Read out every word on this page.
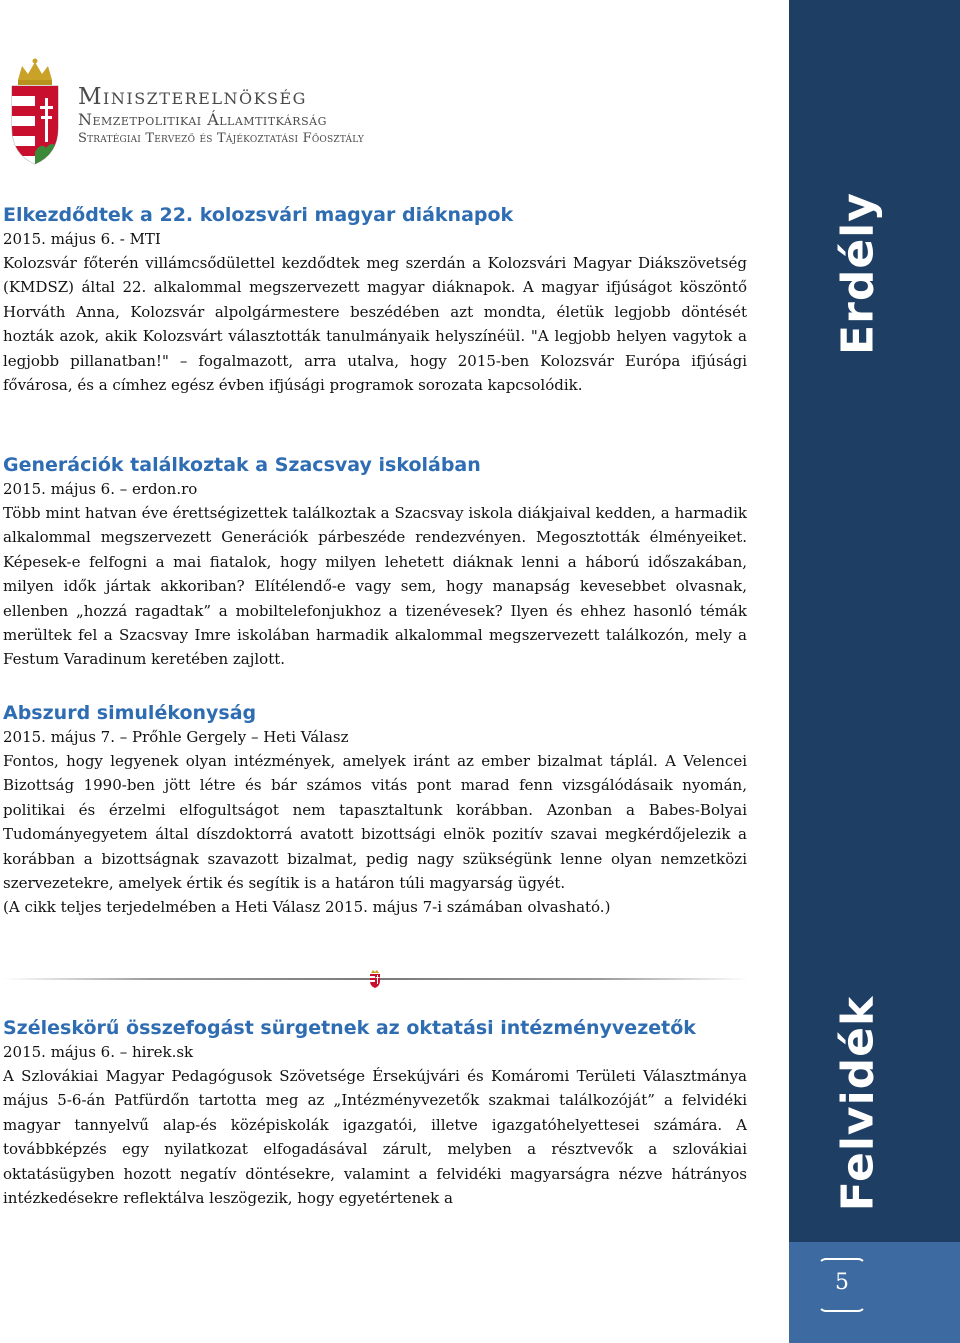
Erdély
Felvidék
5
Miniszterelnökség
Nemzetpolitikai Államtitkárság
Stratégiai Tervező és Tájékoztatási Főosztály
Elkezdődtek a 22. kolozsvári magyar diáknapok
2015. május 6. - MTI

Kolozsvár főterén villámcsődülettel kezdődtek meg szerdán a Kolozsvári Magyar Diákszövetség (KMDSZ) által 22. alkalommal megszervezett magyar diáknapok. A magyar ifjúságot köszöntő Horváth Anna, Kolozsvár alpolgármestere beszédében azt mondta, életük legjobb döntését hozták azok, akik Kolozsvárt választották tanulmányaik helyszínéül. "A legjobb helyen vagytok a legjobb pillanatban!" – fogalmazott, arra utalva, hogy 2015-ben Kolozsvár Európa ifjúsági fővárosa, és a címhez egész évben ifjúsági programok sorozata kapcsolódik.

Generációk találkoztak a Szacsvay iskolában
2015. május 6. – erdon.ro

Több mint hatvan éve érettségizettek találkoztak a Szacsvay iskola diákjaival kedden, a harmadik alkalommal megszervezett Generációk párbeszéde rendezvényen. Megosztották élményeiket. Képesek-e felfogni a mai fiatalok, hogy milyen lehetett diáknak lenni a háború időszakában, milyen idők jártak akkoriban? Elítélendő-e vagy sem, hogy manapság kevesebbet olvasnak, ellenben „hozzá ragadtak” a mobiltelefonjukhoz a tizenévesek? Ilyen és ehhez hasonló témák merültek fel a Szacsvay Imre iskolában harmadik alkalommal megszervezett találkozón, mely a Festum Varadinum keretében zajlott.

Abszurd simulékonyság
2015. május 7. – Prőhle Gergely – Heti Válasz

Fontos, hogy legyenek olyan intézmények, amelyek iránt az ember bizalmat táplál. A Velencei Bizottság 1990-ben jött létre és bár számos vitás pont marad fenn vizsgálódásaik nyomán, politikai és érzelmi elfogultságot nem tapasztaltunk korábban. Azonban a Babes-Bolyai Tudományegyetem által díszdoktorrá avatott bizottsági elnök pozitív szavai megkérdőjelezik a korábban a bizottságnak szavazott bizalmat, pedig nagy szükségünk lenne olyan nemzetközi szervezetekre, amelyek értik és segítik is a határon túli magyarság ügyét.

(A cikk teljes terjedelmében a Heti Válasz 2015. május 7-i számában olvasható.)

Széleskörű összefogást sürgetnek az oktatási intézményvezetők
2015. május 6. – hirek.sk

A Szlovákiai Magyar Pedagógusok Szövetsége Érsekújvári és Komáromi Területi Választmánya május 5-6-án Patfürdőn tartotta meg az „Intézményvezetők szakmai találkozóját” a felvidéki magyar tannyelvű alap-és középiskolák igazgatói, illetve igazgatóhelyettesei számára. A továbbképzés egy nyilatkozat elfogadásával zárult, melyben a résztvevők a szlovákiai oktatásügyben hozott negatív döntésekre, valamint a felvidéki magyarságra nézve hátrányos intézkedésekre reflektálva leszögezik, hogy egyetértenek a
